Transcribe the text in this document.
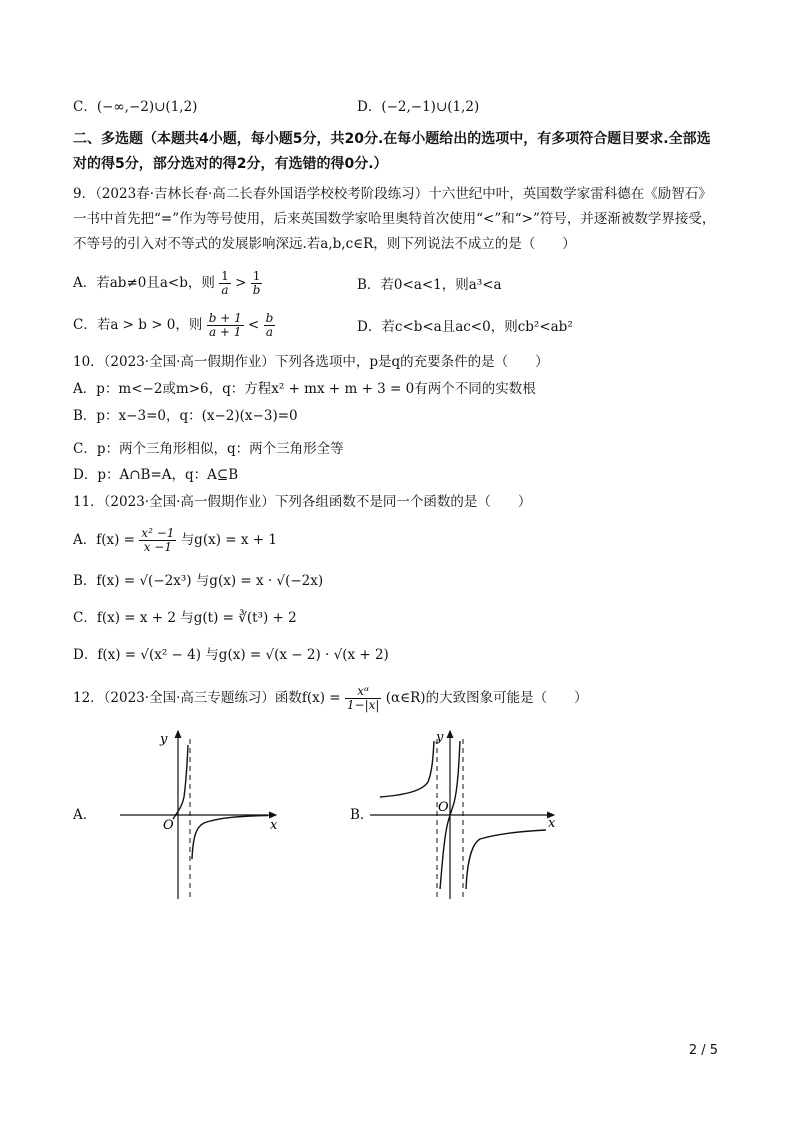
C．(−∞,−2)∪(1,2)	D．(−2,−1)∪(1,2)
二、多选题（本题共4小题，每小题5分，共20分.在每小题给出的选项中，有多项符合题目要求.全部选
对的得5分，部分选对的得2分，有选错的得0分.）
9．（2023春·吉林长春·高二长春外国语学校校考阶段练习）十六世纪中叶，英国数学家雷科德在《励智石》
一书中首先把“=”作为等号使用，后来英国数学家哈里奥特首次使用“<”和“>”符号，并逐渐被数学界接受，
不等号的引入对不等式的发展影响深远.若a,b,c∈R，则下列说法不成立的是（　　）
A．若ab≠0且a<b，则 $\frac{1}{a} > \frac{1}{b}$	B．若0<a<1，则a³<a
C．若a > b > 0，则 $\frac{b + 1}{a + 1} < \frac{b}{a}$	D．若c<b<a且ac<0，则cb²<ab²
10．（2023·全国·高一假期作业）下列各选项中，p是q的充要条件的是（　　）
A．p：m<−2或m>6，q：方程x² + mx + m + 3 = 0有两个不同的实数根
B．p：x−3=0，q：(x−2)(x−3)=0
C．p：两个三角形相似，q：两个三角形全等
D．p：A∩B=A，q：A⊆B
11．（2023·全国·高一假期作业）下列各组函数不是同一个函数的是（　　）
A．$f(x) = \frac{\text{x² −1}}{x -1}$ 与g(x) = x + 1
B．f(x) = √(−2x³) 与g(x) = x · √(−2x)
C．f(x) = x + 2 与g(t) = ∛(t³) + 2
D．f(x) = √(x² − 4) 与g(x) = √(x − 2) · √(x + 2)
12．（2023·全国·高三专题练习）函数$f(x) = \frac{\text{xᵅ}}{1-|x|}$ (α∈R)的大致图象可能是（　　）
A．
y
x
O
B．
y
x
O
2 / 5
